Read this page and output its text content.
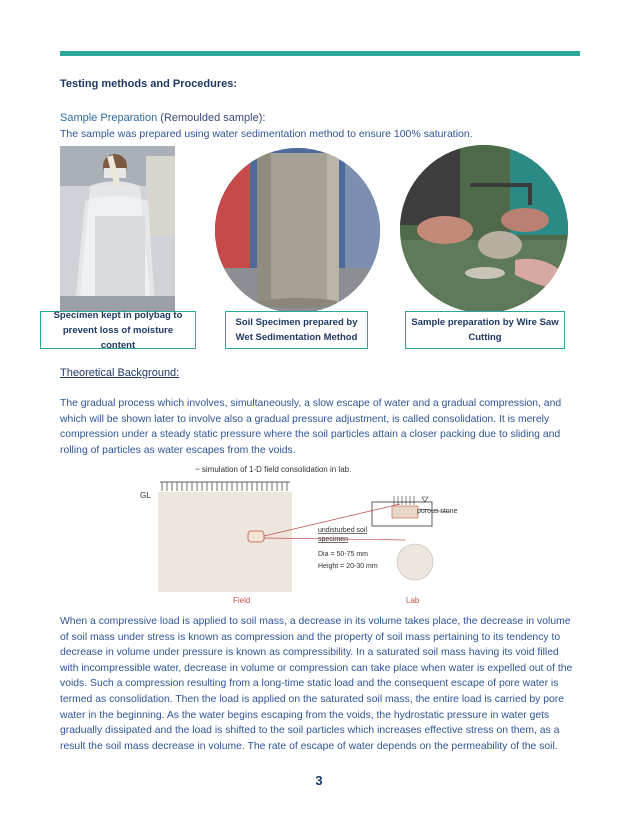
Testing methods and Procedures:
Sample Preparation (Remoulded sample):
The sample was prepared using water sedimentation method to ensure 100% saturation.
Specimen kept in polybag to
prevent loss of moisture content
Soil Specimen prepared by
Wet Sedimentation Method
Sample preparation by Wire Saw
Cutting
Theoretical Background:
The gradual process which involves, simultaneously, a slow escape of water and a gradual compression, and which will be shown later to involve also a gradual pressure adjustment, is called consolidation. It is merely compression under a steady static pressure where the soil particles attain a closer packing due to sliding and rolling of particles as water escapes from the voids.
~ simulation of 1-D field consolidation in lab.
GL
undisturbed soil
specimen
Dia = 50-75 mm
Height = 20-30 mm
porous stone
Field	Lab
When a compressive load is applied to soil mass, a decrease in its volume takes place, the decrease in volume of soil mass under stress is known as compression and the property of soil mass pertaining to its tendency to decrease in volume under pressure is known as compressibility. In a saturated soil mass having its void filled with incompressible water, decrease in volume or compression can take place when water is expelled out of the voids. Such a compression resulting from a long-time static load and the consequent escape of pore water is termed as consolidation. Then the load is applied on the saturated soil mass, the entire load is carried by pore water in the beginning. As the water begins escaping from the voids, the hydrostatic pressure in water gets gradually dissipated and the load is shifted to the soil particles which increases effective stress on them, as a result the soil mass decrease in volume. The rate of escape of water depends on the permeability of the soil.
3
